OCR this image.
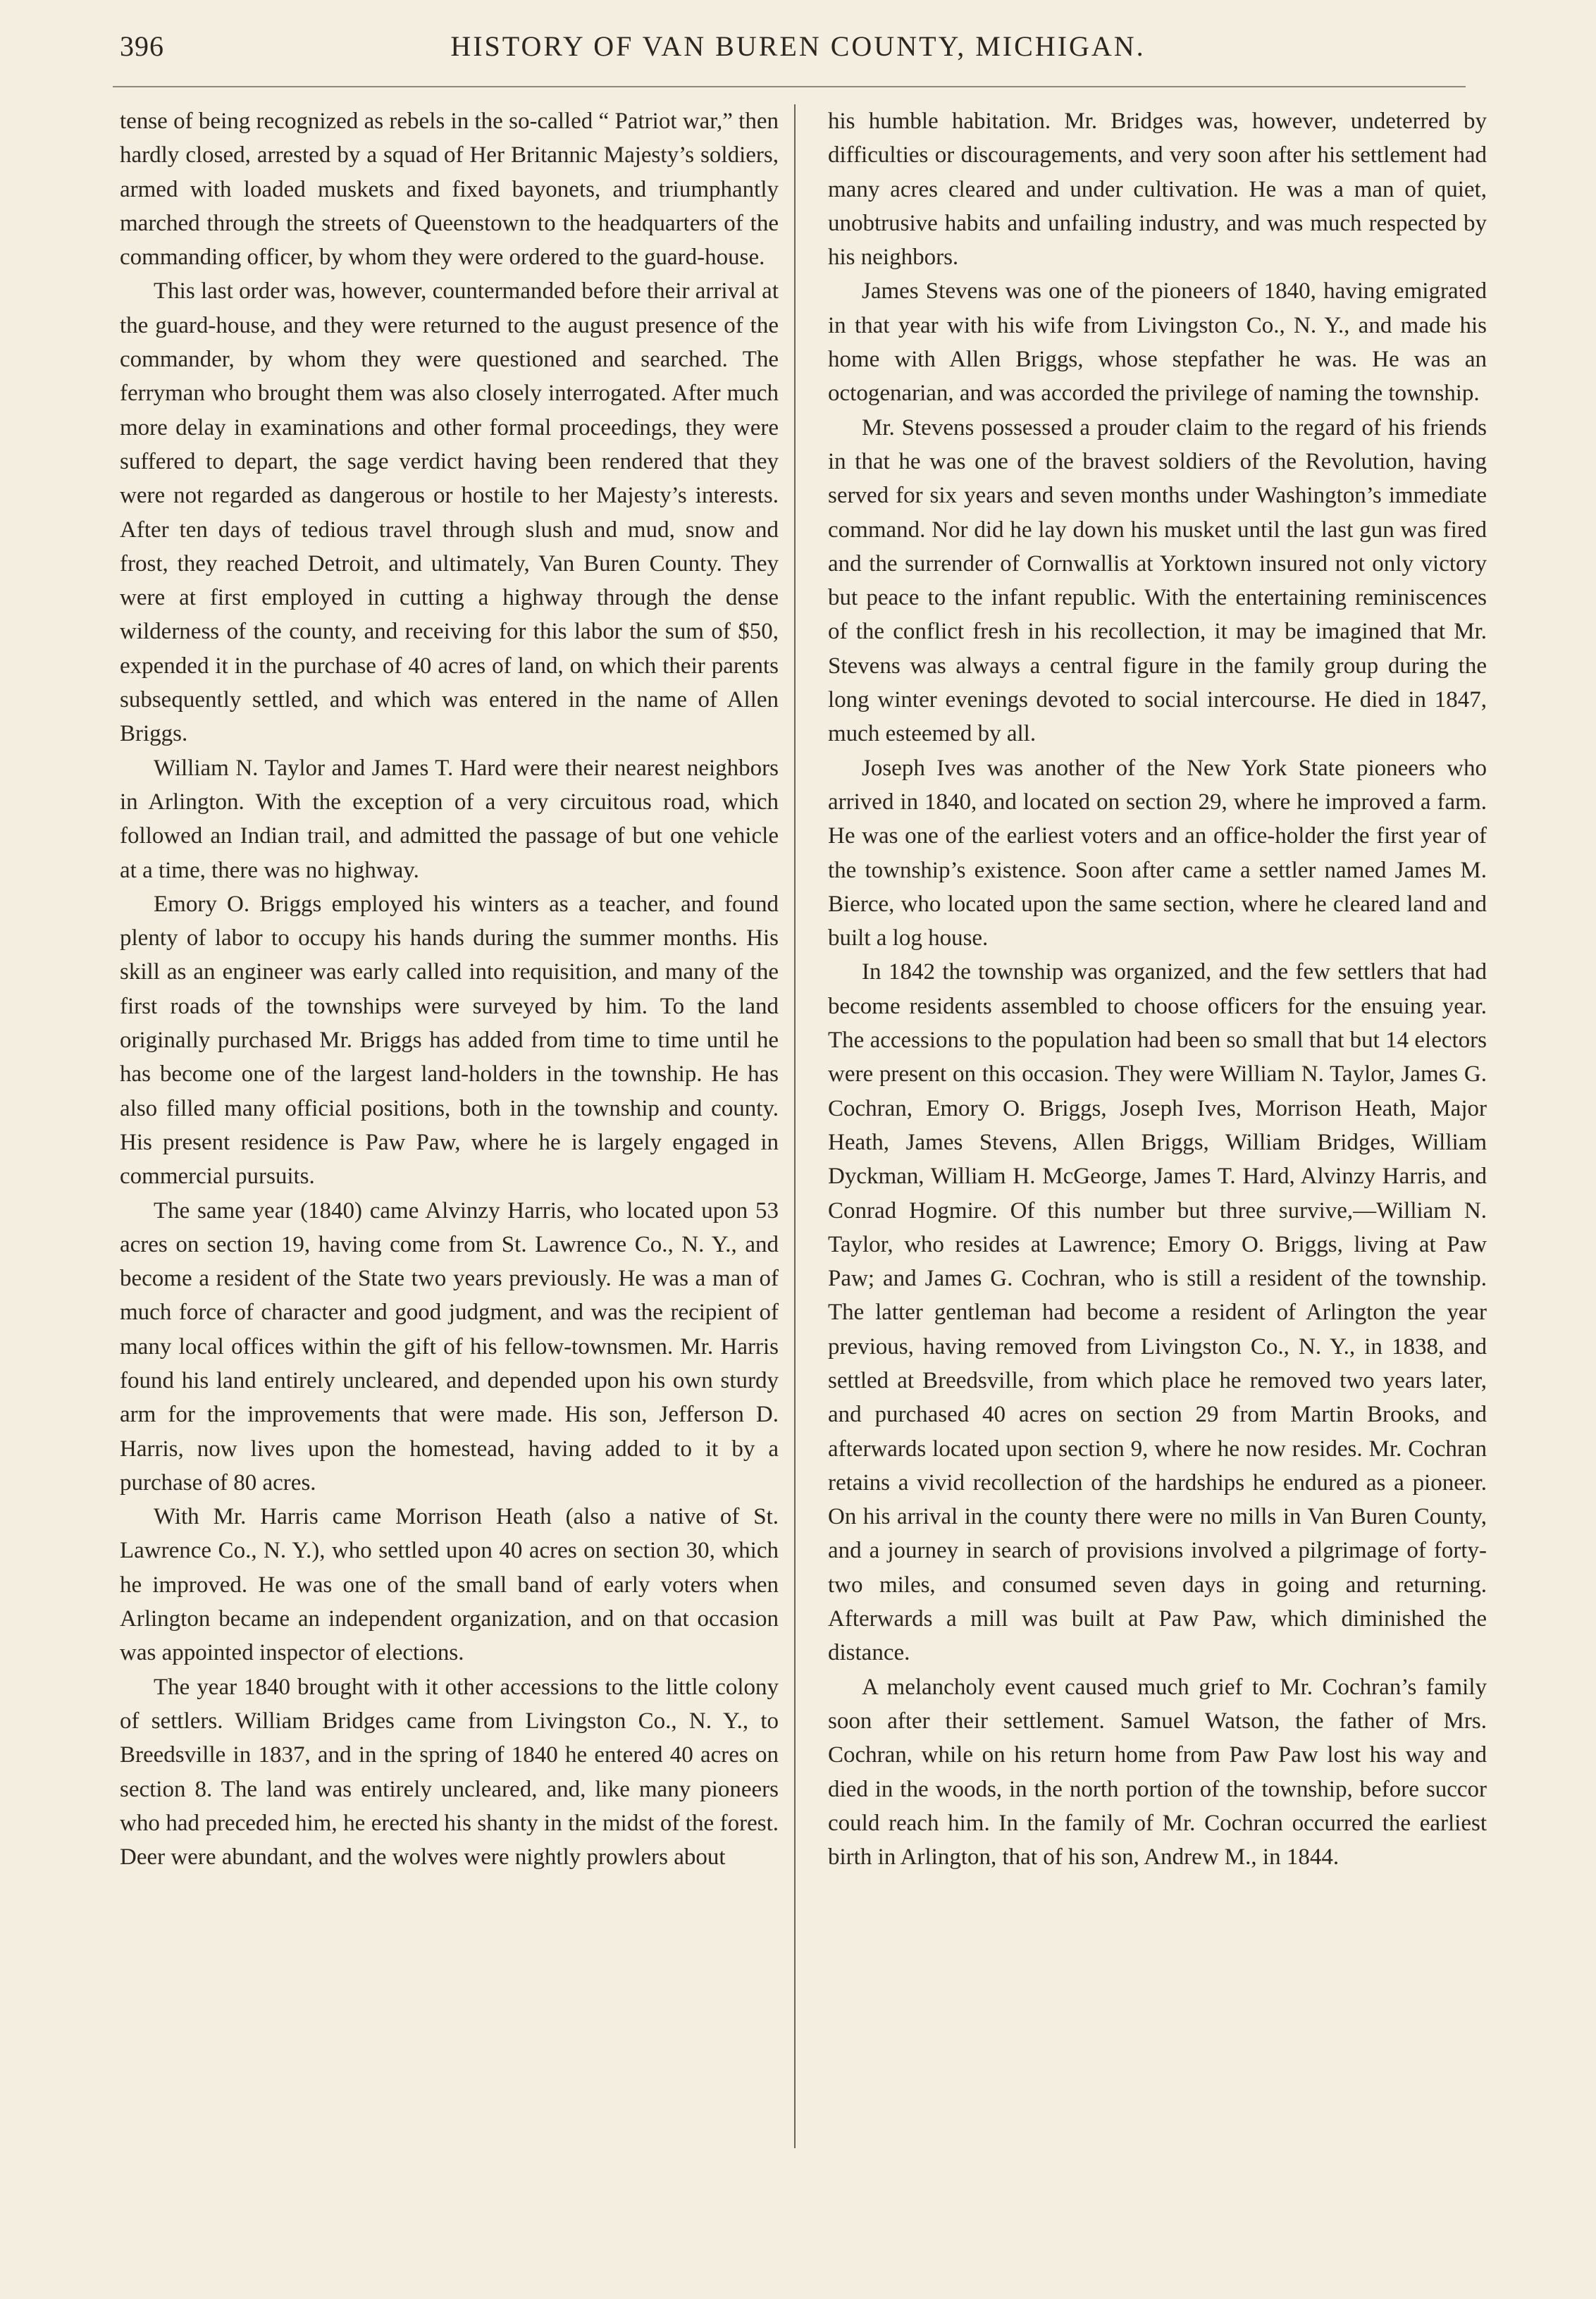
396	HISTORY OF VAN BUREN COUNTY, MICHIGAN.

tense of being recognized as rebels in the so-called “ Patriot war,” then hardly closed, arrested by a squad of Her Britannic Majesty’s soldiers, armed with loaded muskets and fixed bayonets, and triumphantly marched through the streets of Queenstown to the headquarters of the commanding officer, by whom they were ordered to the guard-house.

This last order was, however, countermanded before their arrival at the guard-house, and they were returned to the august presence of the commander, by whom they were questioned and searched. The ferryman who brought them was also closely interrogated. After much more delay in examinations and other formal proceedings, they were suffered to depart, the sage verdict having been rendered that they were not regarded as dangerous or hostile to her Majesty’s interests. After ten days of tedious travel through slush and mud, snow and frost, they reached Detroit, and ultimately, Van Buren County. They were at first employed in cutting a highway through the dense wilderness of the county, and receiving for this labor the sum of $50, expended it in the purchase of 40 acres of land, on which their parents subsequently settled, and which was entered in the name of Allen Briggs.

William N. Taylor and James T. Hard were their nearest neighbors in Arlington. With the exception of a very circuitous road, which followed an Indian trail, and admitted the passage of but one vehicle at a time, there was no highway.

Emory O. Briggs employed his winters as a teacher, and found plenty of labor to occupy his hands during the summer months. His skill as an engineer was early called into requisition, and many of the first roads of the townships were surveyed by him. To the land originally purchased Mr. Briggs has added from time to time until he has become one of the largest land-holders in the township. He has also filled many official positions, both in the township and county. His present residence is Paw Paw, where he is largely engaged in commercial pursuits.

The same year (1840) came Alvinzy Harris, who located upon 53 acres on section 19, having come from St. Lawrence Co., N. Y., and become a resident of the State two years previously. He was a man of much force of character and good judgment, and was the recipient of many local offices within the gift of his fellow-townsmen. Mr. Harris found his land entirely uncleared, and depended upon his own sturdy arm for the improvements that were made. His son, Jefferson D. Harris, now lives upon the homestead, having added to it by a purchase of 80 acres.

With Mr. Harris came Morrison Heath (also a native of St. Lawrence Co., N. Y.), who settled upon 40 acres on section 30, which he improved. He was one of the small band of early voters when Arlington became an independent organization, and on that occasion was appointed inspector of elections.

The year 1840 brought with it other accessions to the little colony of settlers. William Bridges came from Livingston Co., N. Y., to Breedsville in 1837, and in the spring of 1840 he entered 40 acres on section 8. The land was entirely uncleared, and, like many pioneers who had preceded him, he erected his shanty in the midst of the forest. Deer were abundant, and the wolves were nightly prowlers about

his humble habitation. Mr. Bridges was, however, undeterred by difficulties or discouragements, and very soon after his settlement had many acres cleared and under cultivation. He was a man of quiet, unobtrusive habits and unfailing industry, and was much respected by his neighbors.

James Stevens was one of the pioneers of 1840, having emigrated in that year with his wife from Livingston Co., N. Y., and made his home with Allen Briggs, whose stepfather he was. He was an octogenarian, and was accorded the privilege of naming the township.

Mr. Stevens possessed a prouder claim to the regard of his friends in that he was one of the bravest soldiers of the Revolution, having served for six years and seven months under Washington’s immediate command. Nor did he lay down his musket until the last gun was fired and the surrender of Cornwallis at Yorktown insured not only victory but peace to the infant republic. With the entertaining reminiscences of the conflict fresh in his recollection, it may be imagined that Mr. Stevens was always a central figure in the family group during the long winter evenings devoted to social intercourse. He died in 1847, much esteemed by all.

Joseph Ives was another of the New York State pioneers who arrived in 1840, and located on section 29, where he improved a farm. He was one of the earliest voters and an office-holder the first year of the township’s existence. Soon after came a settler named James M. Bierce, who located upon the same section, where he cleared land and built a log house.

In 1842 the township was organized, and the few settlers that had become residents assembled to choose officers for the ensuing year. The accessions to the population had been so small that but 14 electors were present on this occasion. They were William N. Taylor, James G. Cochran, Emory O. Briggs, Joseph Ives, Morrison Heath, Major Heath, James Stevens, Allen Briggs, William Bridges, William Dyckman, William H. McGeorge, James T. Hard, Alvinzy Harris, and Conrad Hogmire. Of this number but three survive,—William N. Taylor, who resides at Lawrence; Emory O. Briggs, living at Paw Paw; and James G. Cochran, who is still a resident of the township. The latter gentleman had become a resident of Arlington the year previous, having removed from Livingston Co., N. Y., in 1838, and settled at Breedsville, from which place he removed two years later, and purchased 40 acres on section 29 from Martin Brooks, and afterwards located upon section 9, where he now resides. Mr. Cochran retains a vivid recollection of the hardships he endured as a pioneer. On his arrival in the county there were no mills in Van Buren County, and a journey in search of provisions involved a pilgrimage of forty-two miles, and consumed seven days in going and returning. Afterwards a mill was built at Paw Paw, which diminished the distance.

A melancholy event caused much grief to Mr. Cochran’s family soon after their settlement. Samuel Watson, the father of Mrs. Cochran, while on his return home from Paw Paw lost his way and died in the woods, in the north portion of the township, before succor could reach him. In the family of Mr. Cochran occurred the earliest birth in Arlington, that of his son, Andrew M., in 1844.
